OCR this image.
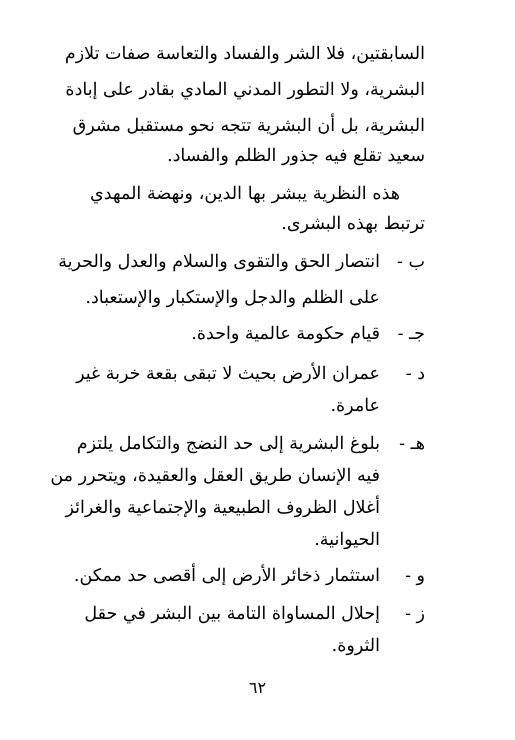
السابقتين، فلا الشر والفساد والتعاسة صفات تلازم
البشرية، ولا التطور المدني المادي بقادر على إبادة
البشرية، بل أن البشرية تتجه نحو مستقبل مشرق
سعيد تقلع فيه جذور الظلم والفساد.
هذه النظرية يبشر بها الدين، ونهضة المهدي
ترتبط بهذه البشرى.
ب -
انتصار الحق والتقوى والسلام والعدل والحرية
على الظلم والدجل والإستكبار والإستعباد.
جـ -
قيام حكومة عالمية واحدة.
د -
عمران الأرض بحيث لا تبقى بقعة خربة غير
عامرة.
هـ -
بلوغ البشرية إلى حد النضج والتكامل يلتزم
فيه الإنسان طريق العقل والعقيدة، ويتحرر من
أغلال الظروف الطبيعية والإجتماعية والغرائز
الحيوانية.
و -
استثمار ذخائر الأرض إلى أقصى حد ممكن.
ز -
إحلال المساواة التامة بين البشر في حقل
الثروة.
٦٢
